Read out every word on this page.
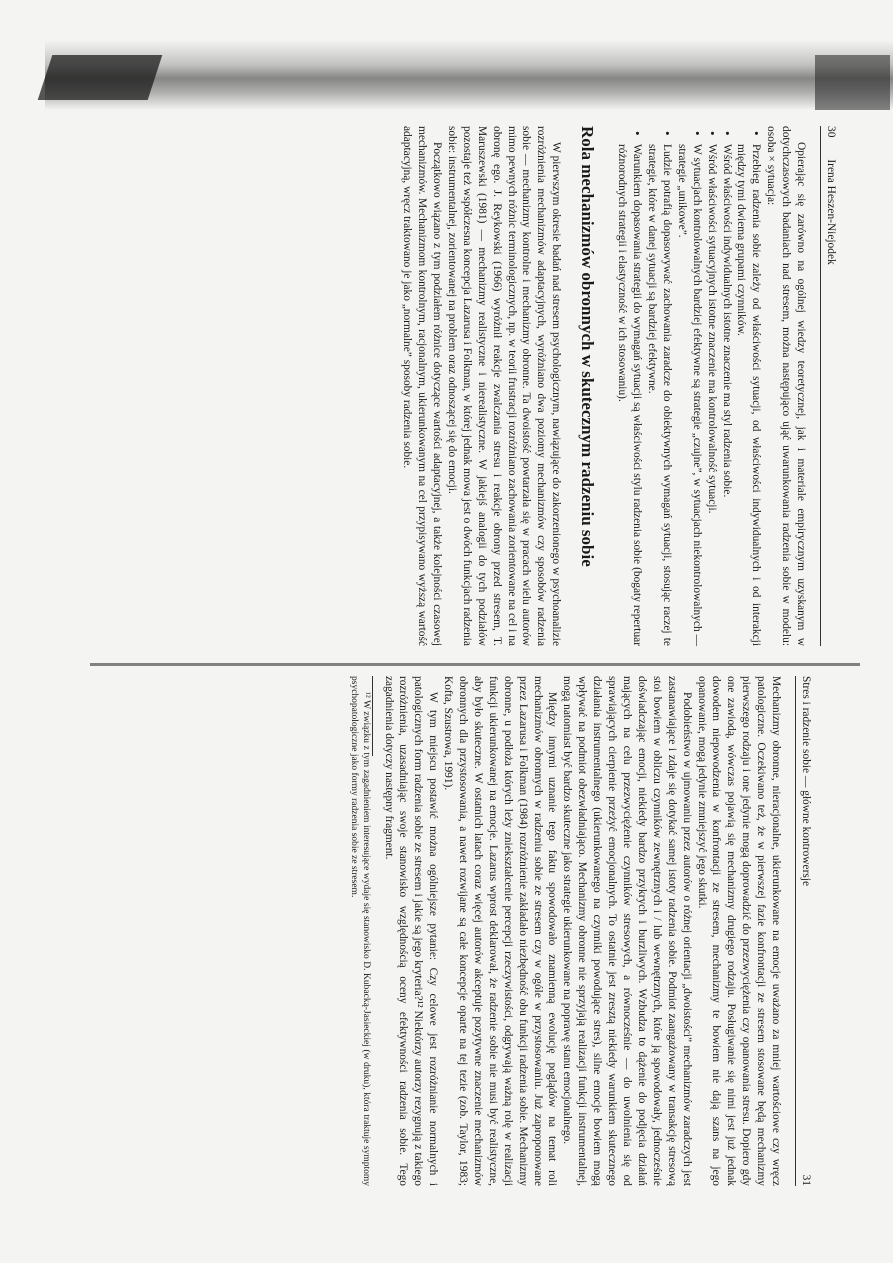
30
Irena Heszen-Niejodek

Opierając się zarówno na ogólnej wiedzy teoretycznej, jak i materiale empirycznym uzyskanym w dotychczasowych badaniach nad stresem, można następująco ująć uwarunkowania radzenia sobie w modelu: osoba × sytuacja:

• Przebieg radzenia sobie zależy od właściwości sytuacji, od właściwości indywidualnych i od interakcji między tymi dwiema grupami czynników.
• Wśród właściwości indywidualnych istotne znaczenie ma styl radzenia sobie.
• Wśród właściwości sytuacyjnych istotne znaczenie ma kontrolowalność sytuacji.
• W sytuacjach kontrolowalnych bardziej efektywne są strategie „czujne”, w sytuacjach niekontrolowalnych — strategie „unikowe”.
• Ludzie potrafią dopasowywać zachowania zaradcze do obiektywnych wymagań sytuacji, stosując raczej te strategie, które w danej sytuacji są bardziej efektywne.
• Warunkiem dopasowania strategii do wymagań sytuacji są właściwości stylu radzenia sobie (bogaty repertuar różnorodnych strategii i elastyczność w ich stosowaniu).
Rola mechanizmów obronnych w skutecznym radzeniu sobie

W pierwszym okresie badań nad stresem psychologicznym, nawiązujące do zakorzenionego w psychoanalizie rozróżnienia mechanizmów adaptacyjnych, wyróżniano dwa poziomy mechanizmów czy sposobów radzenia sobie — mechanizmy kontrolne i mechanizmy obronne. Ta dwoistość powtarzała się w pracach wielu autorów mimo pewnych różnic terminologicznych, np. w teorii frustracji rozróżniano zachowania zorientowane na cel i na obronę ego. J. Reykowski (1966) wyróżnił reakcje zwalczania stresu i reakcje obrony przed stresem, T. Maruszewski (1981) — mechanizmy realistyczne i nierealistyczne. W jakiejś analogii do tych podziałów pozostaje też współczesna koncepcja Lazarusa i Folkman, w której jednak mowa jest o dwóch funkcjach radzenia sobie: instrumentalnej, zorientowanej na problem oraz odnoszącej się do emocji.

Początkowo wiązano z tym podziałem różnice dotyczące wartości adaptacyjnej, a także kolejności czasowej mechanizmów. Mechanizmom kontrolnym, racjonalnym, ukierunkowanym na cel przypisywano wyższą wartość adaptacyjną, wręcz traktowano je jako „normalne” sposoby radzenia sobie.

Stres i radzenie sobie — główne kontrowersje
31

Mechanizmy obronne, nieracjonalne, ukierunkowane na emocje uważano za mniej wartościowe czy wręcz patologiczne. Oczekiwano też, że w pierwszej fazie konfrontacji ze stresem stosowane będą mechanizmy pierwszego rodzaju i one jedynie mogą doprowadzić do przezwyciężenia czy opanowania stresu. Dopiero gdy one zawiodą, wówczas pojawią się mechanizmy drugiego rodzaju. Posługiwanie się nimi jest już jednak dowodem niepowodzenia w konfrontacji ze stresem, mechanizmy te bowiem nie dają szans na jego opanowanie, mogą jedynie zmniejszyć jego skutki.

Podobieństwo w ujmowaniu przez autorów o różnej orientacji „dwoistości” mechanizmów zaradczych jest zastanawiające i zdaje się dotykać samej istoty radzenia sobie. Podmiot zaangażowany w transakcję stresową stoi bowiem w obliczu czynników zewnętrznych i / lub wewnętrznych, które ją spowodowały, jednocześnie doświadczając emocji, niekiedy bardzo przykrych i burzliwych. Wzbudza to dążenie do podjęcia działań mających na celu przezwyciężenie czynników stresowych, a równocześnie — do uwolnienia się od sprawiających cierpienie przeżyć emocjonalnych. To ostatnie jest zresztą niekiedy warunkiem skutecznego działania instrumentalnego (ukierunkowanego na czynniki powodujące stres), silne emocje bowiem mogą wpływać na podmiot obezwładniająco. Mechanizmy obronne nie sprzyjają realizacji funkcji instrumentalnej, mogą natomiast być bardzo skuteczne jako strategie ukierunkowane na poprawę stanu emocjonalnego.

Między innymi uznanie tego faktu spowodowało znamienną ewolucję poglądów na temat roli mechanizmów obronnych w radzeniu sobie ze stresem czy w ogóle w przystosowaniu. Już zaproponowane przez Lazarusa i Folkman (1984) rozróżnienie zakładało niezbędność obu funkcji radzenia sobie. Mechanizmy obronne, u podłoża których leży zniekształcenie percepcji rzeczywistości, odgrywają ważną rolę w realizacji funkcji ukierunkowanej na emocje. Lazarus wprost deklarował, że radzenie sobie nie musi być realistyczne, aby było skuteczne. W ostatnich latach coraz więcej autorów akceptuje pozytywne znaczenie mechanizmów obronnych dla przystosowania, a nawet rozwijane są całe koncepcje oparte na tej tezie (zob. Taylor, 1983; Kofta, Szustrowa, 1991).

W tym miejscu postawić można ogólniejsze pytanie: Czy celowe jest rozróżnianie normalnych i patologicznych form radzenia sobie ze stresem i jakie są jego kryteria?¹² Niektórzy autorzy rezygnują z takiego rozróżnienia, uzasadniając swoje stanowisko względnością oceny efektywności radzenia sobie. Tego zagadnienia dotyczy następny fragment.

¹² W związku z tym zagadnieniem interesujące wydaje się stanowisko D. Kubacką-Jasieckiej (w druku), która traktuje symptomy psychopatologiczne jako formy radzenia sobie ze stresem.
